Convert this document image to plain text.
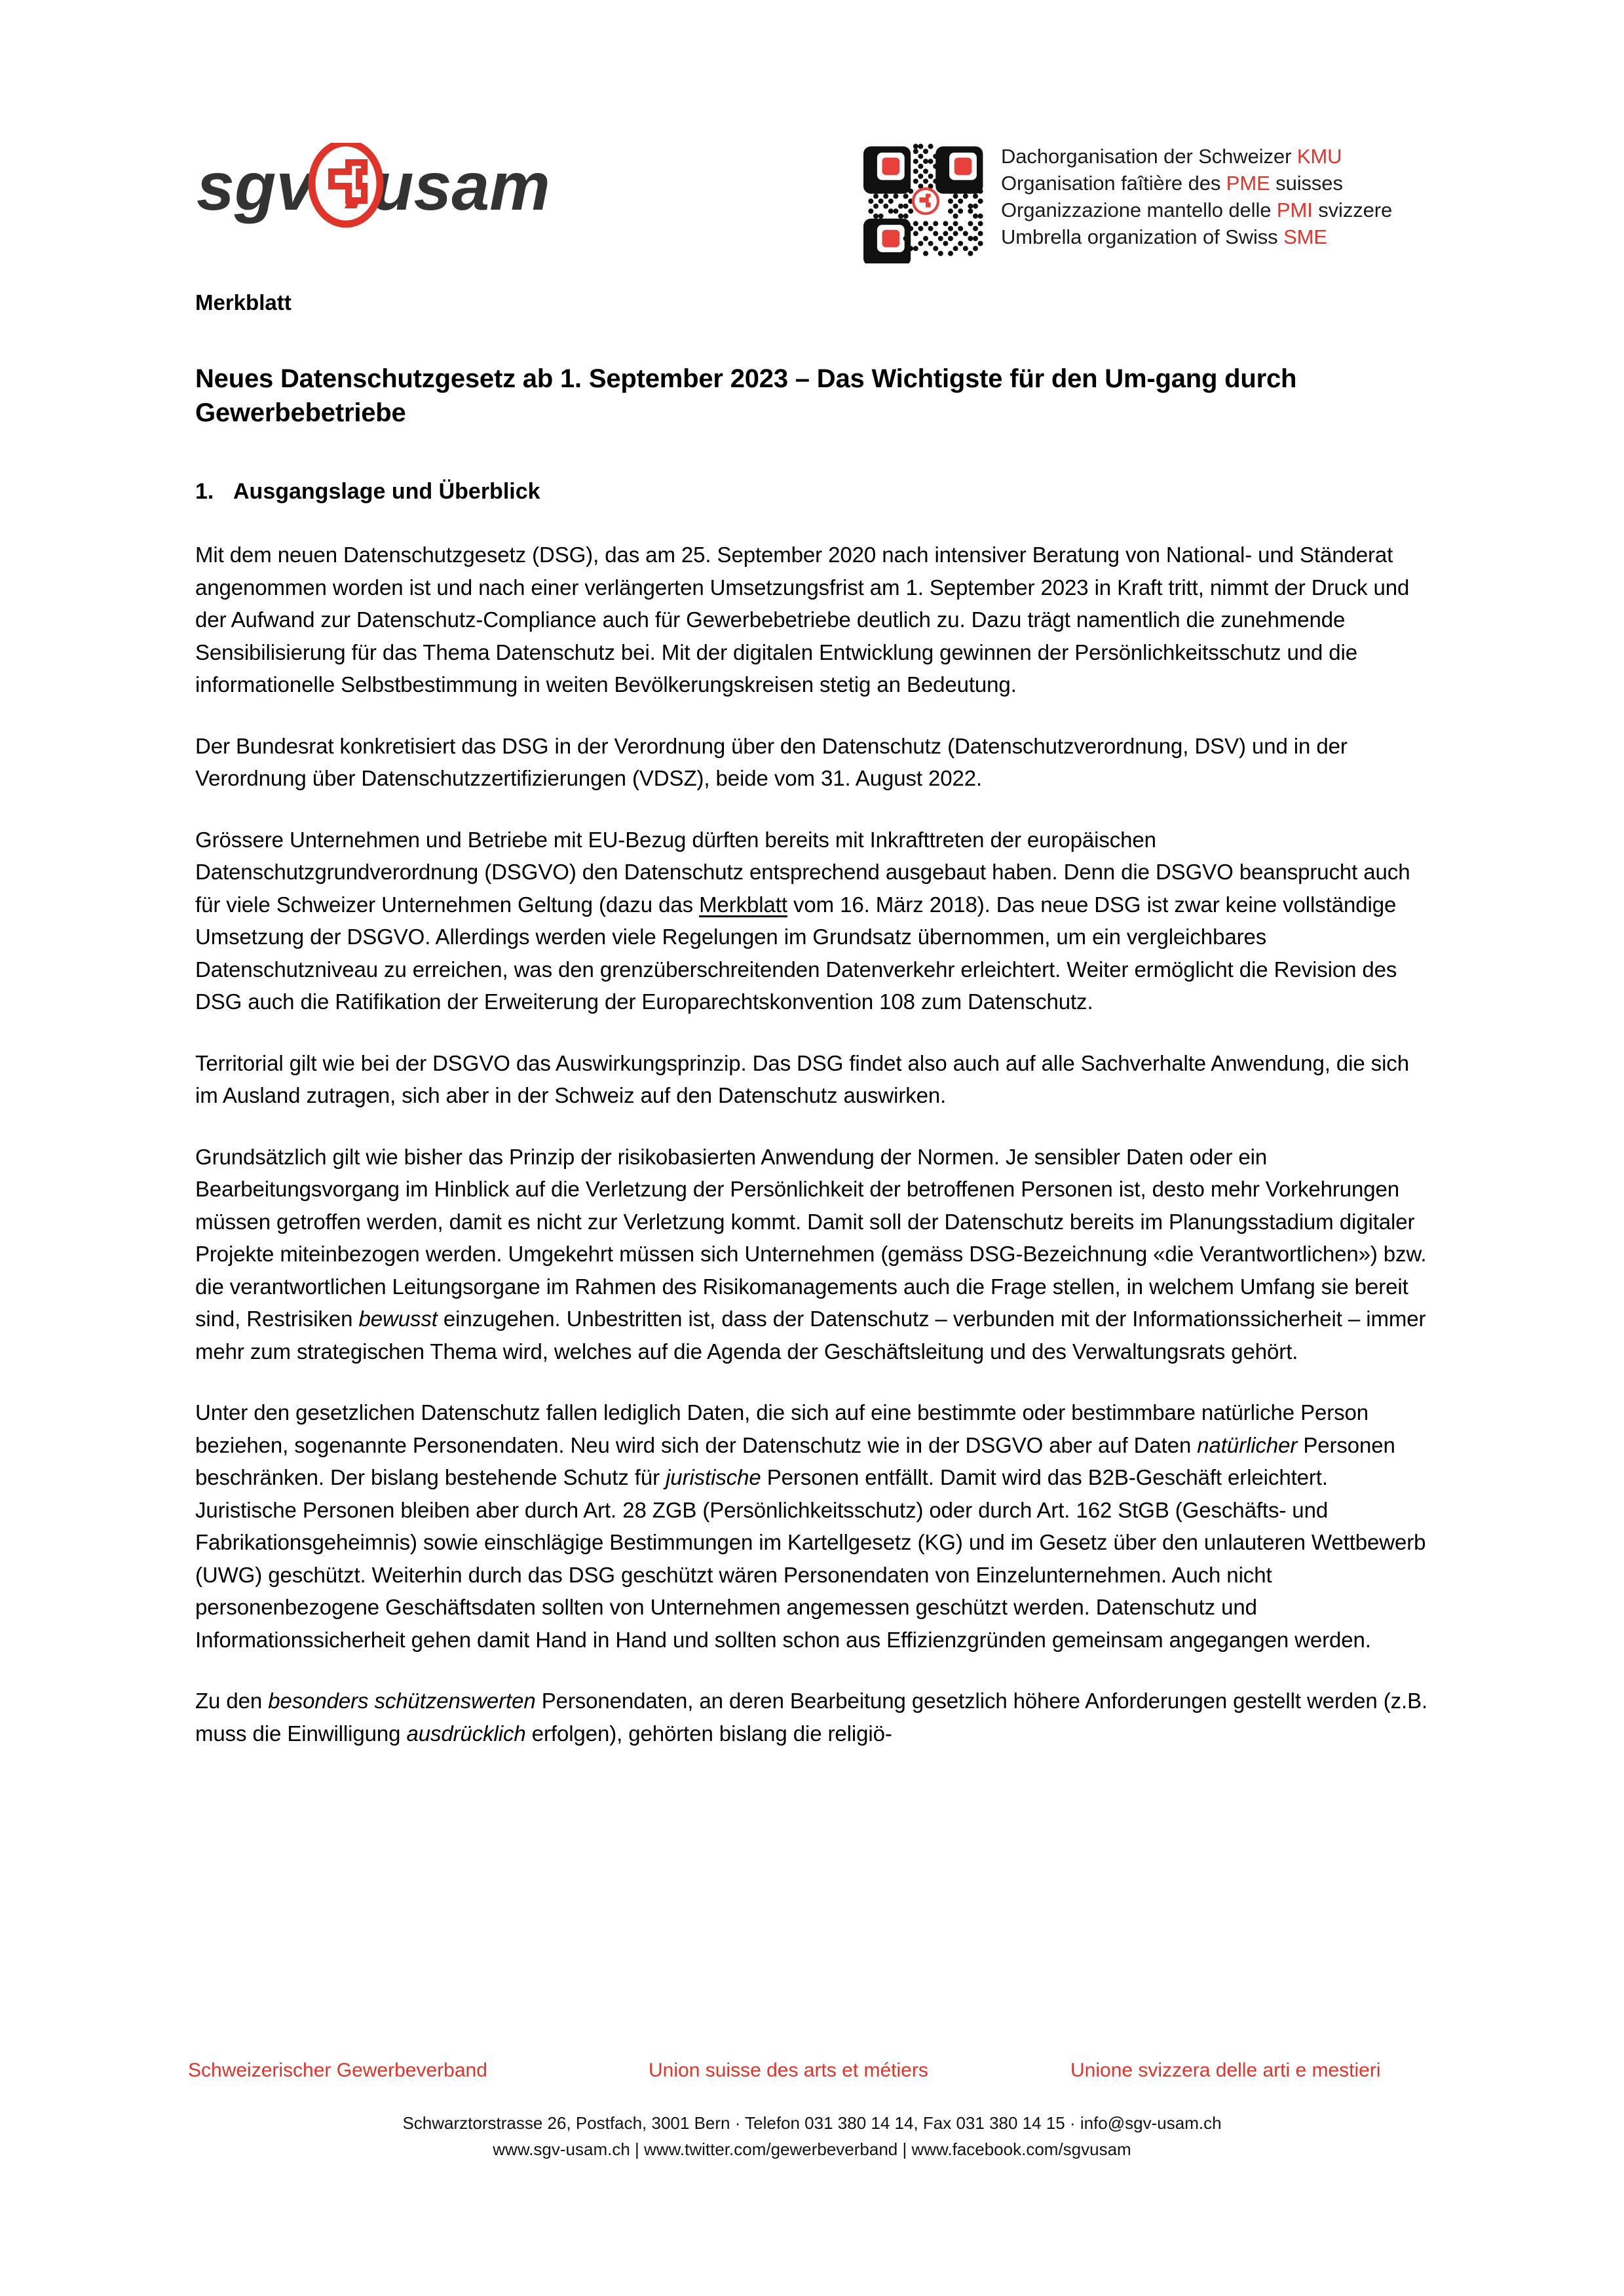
sgv usam	Dachorganisation der Schweizer KMU
Organisation faîtière des PME suisses
Organizzazione mantello delle PMI svizzere
Umbrella organization of Swiss SME
Merkblatt
Neues Datenschutzgesetz ab 1. September 2023 – Das Wichtigste für den Um-gang durch Gewerbebetriebe
1. Ausgangslage und Überblick

Mit dem neuen Datenschutzgesetz (DSG), das am 25. September 2020 nach intensiver Beratung von National- und Ständerat angenommen worden ist und nach einer verlängerten Umsetzungsfrist am 1. September 2023 in Kraft tritt, nimmt der Druck und der Aufwand zur Datenschutz-Compliance auch für Gewerbebetriebe deutlich zu. Dazu trägt namentlich die zunehmende Sensibilisierung für das Thema Datenschutz bei. Mit der digitalen Entwicklung gewinnen der Persönlichkeitsschutz und die informationelle Selbstbestimmung in weiten Bevölkerungskreisen stetig an Bedeutung.

Der Bundesrat konkretisiert das DSG in der Verordnung über den Datenschutz (Datenschutzverordnung, DSV) und in der Verordnung über Datenschutzzertifizierungen (VDSZ), beide vom 31. August 2022.

Grössere Unternehmen und Betriebe mit EU-Bezug dürften bereits mit Inkrafttreten der europäischen Datenschutzgrundverordnung (DSGVO) den Datenschutz entsprechend ausgebaut haben. Denn die DSGVO beansprucht auch für viele Schweizer Unternehmen Geltung (dazu das Merkblatt vom 16. März 2018). Das neue DSG ist zwar keine vollständige Umsetzung der DSGVO. Allerdings werden viele Regelungen im Grundsatz übernommen, um ein vergleichbares Datenschutzniveau zu erreichen, was den grenzüberschreitenden Datenverkehr erleichtert. Weiter ermöglicht die Revision des DSG auch die Ratifikation der Erweiterung der Europarechtskonvention 108 zum Datenschutz.

Territorial gilt wie bei der DSGVO das Auswirkungsprinzip. Das DSG findet also auch auf alle Sachverhalte Anwendung, die sich im Ausland zutragen, sich aber in der Schweiz auf den Datenschutz auswirken.

Grundsätzlich gilt wie bisher das Prinzip der risikobasierten Anwendung der Normen. Je sensibler Daten oder ein Bearbeitungsvorgang im Hinblick auf die Verletzung der Persönlichkeit der betroffenen Personen ist, desto mehr Vorkehrungen müssen getroffen werden, damit es nicht zur Verletzung kommt. Damit soll der Datenschutz bereits im Planungsstadium digitaler Projekte miteinbezogen werden. Umgekehrt müssen sich Unternehmen (gemäss DSG-Bezeichnung «die Verantwortlichen») bzw. die verantwortlichen Leitungsorgane im Rahmen des Risikomanagements auch die Frage stellen, in welchem Umfang sie bereit sind, Restrisiken bewusst einzugehen. Unbestritten ist, dass der Datenschutz – verbunden mit der Informationssicherheit – immer mehr zum strategischen Thema wird, welches auf die Agenda der Geschäftsleitung und des Verwaltungsrats gehört.

Unter den gesetzlichen Datenschutz fallen lediglich Daten, die sich auf eine bestimmte oder bestimmbare natürliche Person beziehen, sogenannte Personendaten. Neu wird sich der Datenschutz wie in der DSGVO aber auf Daten natürlicher Personen beschränken. Der bislang bestehende Schutz für juristische Personen entfällt. Damit wird das B2B-Geschäft erleichtert. Juristische Personen bleiben aber durch Art. 28 ZGB (Persönlichkeitsschutz) oder durch Art. 162 StGB (Geschäfts- und Fabrikationsgeheimnis) sowie einschlägige Bestimmungen im Kartellgesetz (KG) und im Gesetz über den unlauteren Wettbewerb (UWG) geschützt. Weiterhin durch das DSG geschützt wären Personendaten von Einzelunternehmen. Auch nicht personenbezogene Geschäftsdaten sollten von Unternehmen angemessen geschützt werden. Datenschutz und Informationssicherheit gehen damit Hand in Hand und sollten schon aus Effizienzgründen gemeinsam angegangen werden.

Zu den besonders schützenswerten Personendaten, an deren Bearbeitung gesetzlich höhere Anforderungen gestellt werden (z.B. muss die Einwilligung ausdrücklich erfolgen), gehörten bislang die religiö-

Schweizerischer Gewerbeverband	Union suisse des arts et métiers	Unione svizzera delle arti e mestieri
Schwarztorstrasse 26, Postfach, 3001 Bern · Telefon 031 380 14 14, Fax 031 380 14 15 · info@sgv-usam.ch
www.sgv-usam.ch | www.twitter.com/gewerbeverband | www.facebook.com/sgvusam
